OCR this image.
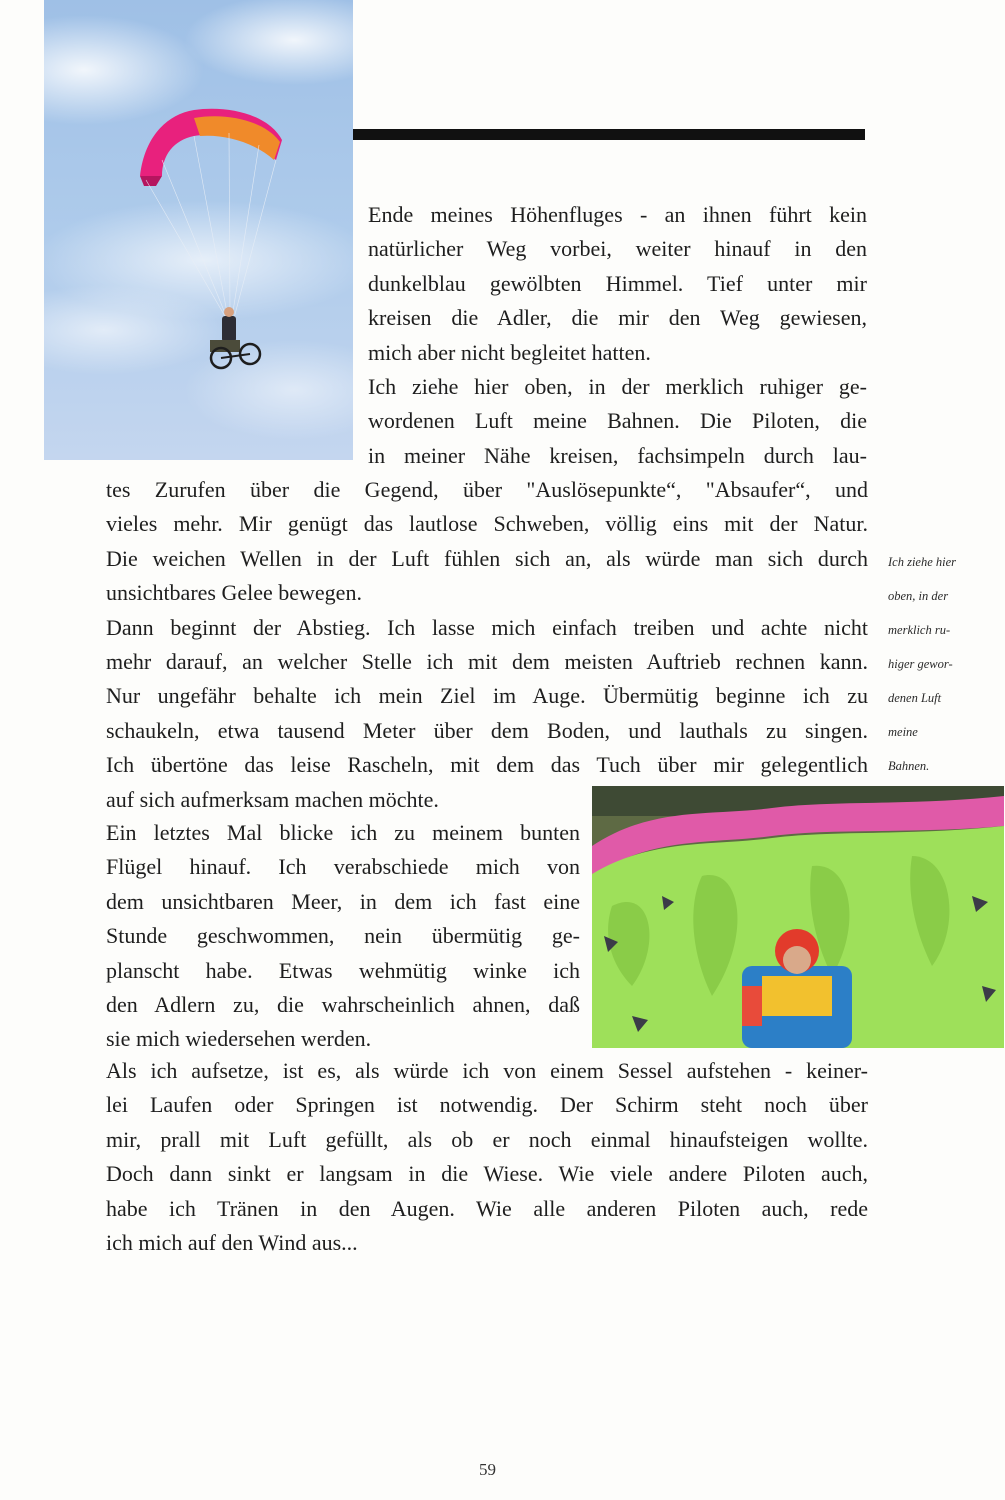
Ende meines Höhenfluges - an ihnen führt kein
natürlicher Weg vorbei, weiter hinauf in den
dunkelblau gewölbten Himmel. Tief unter mir
kreisen die Adler, die mir den Weg gewiesen,
mich aber nicht begleitet hatten.
Ich ziehe hier oben, in der merklich ruhiger ge-
wordenen Luft meine Bahnen. Die Piloten, die
in meiner Nähe kreisen, fachsimpeln durch lau-
tes Zurufen über die Gegend, über "Auslösepunkte“, "Absaufer“, und
vieles mehr. Mir genügt das lautlose Schweben, völlig eins mit der Natur.
Die weichen Wellen in der Luft fühlen sich an, als würde man sich durch
unsichtbares Gelee bewegen.
Dann beginnt der Abstieg. Ich lasse mich einfach treiben und achte nicht
mehr darauf, an welcher Stelle ich mit dem meisten Auftrieb rechnen kann.
Nur ungefähr behalte ich mein Ziel im Auge. Übermütig beginne ich zu
schaukeln, etwa tausend Meter über dem Boden, und lauthals zu singen.
Ich übertöne das leise Rascheln, mit dem das Tuch über mir gelegentlich
auf sich aufmerksam machen möchte.
Ein letztes Mal blicke ich zu meinem bunten
Flügel hinauf. Ich verabschiede mich von
dem unsichtbaren Meer, in dem ich fast eine
Stunde geschwommen, nein übermütig ge-
planscht habe. Etwas wehmütig winke ich
den Adlern zu, die wahrscheinlich ahnen, daß
sie mich wiedersehen werden.
Als ich aufsetze, ist es, als würde ich von einem Sessel aufstehen - keiner-
lei Laufen oder Springen ist notwendig. Der Schirm steht noch über
mir, prall mit Luft gefüllt, als ob er noch einmal hinaufsteigen wollte.
Doch dann sinkt er langsam in die Wiese. Wie viele andere Piloten auch,
habe ich Tränen in den Augen. Wie alle anderen Piloten auch, rede
ich mich auf den Wind aus...
Ich ziehe hier
oben, in der
merklich ru-
higer gewor-
denen Luft
meine
Bahnen.
59
